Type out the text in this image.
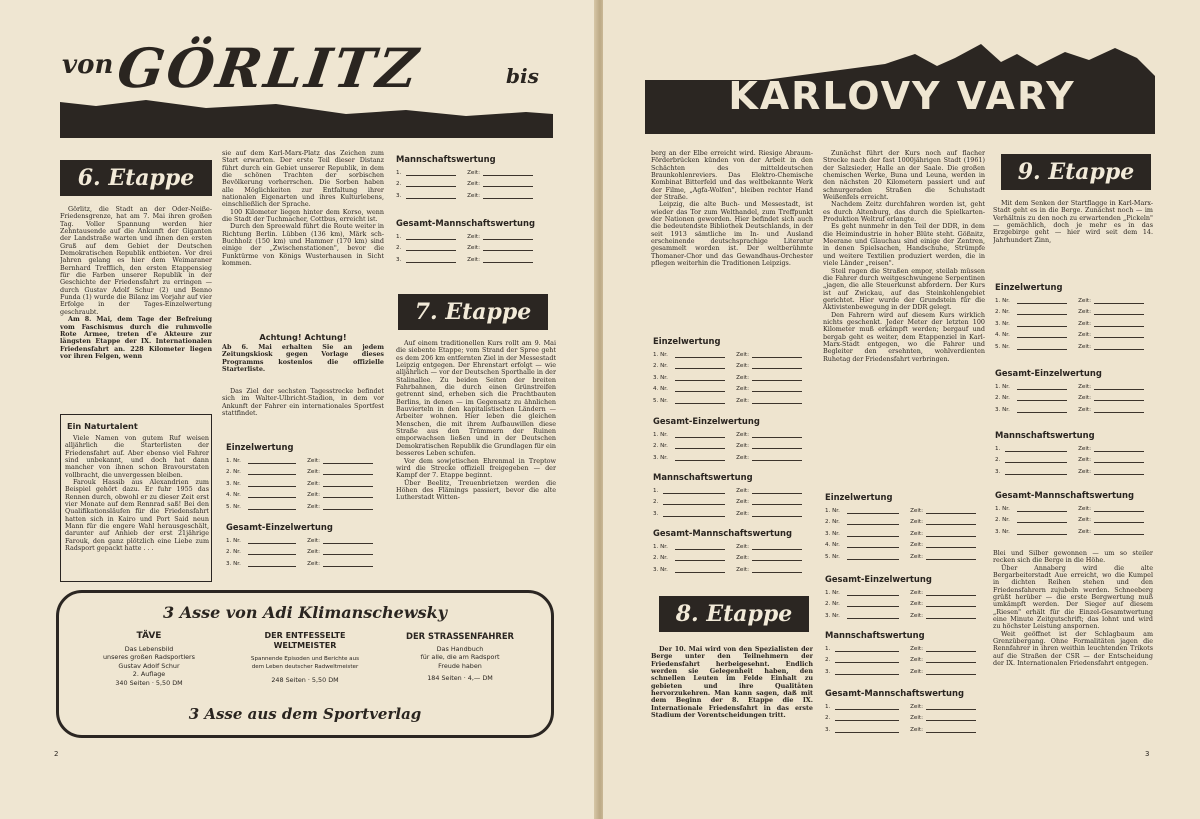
von GÖRLITZ	bis
6. Etappe

Görlitz, die Stadt an der Oder-Neiße-Friedensgrenze, hat am 7. Mai ihren großen Tag. Voller Spannung werden hier Zehntausende auf die Ankunft der Giganten der Landstraße warten und ihnen den ersten Gruß auf dem Gebiet der Deutschen Demokratischen Republik entbieten. Vor drei Jahren gelang es hier dem Weimaraner Bernhard Trefflich, den ersten Etappensieg für die Farben unserer Republik in der Geschichte der Friedensfahrt zu erringen — durch Gustav Adolf Schur (2) und Benno Funda (1) wurde die Bilanz im Vorjahr auf vier Erfolge in der Tages-Einzelwertung geschraubt.

Am 8. Mai, dem Tage der Befreiung vom Faschismus durch die ruhmvolle Rote Armee, treten d'e Akteure zur längsten Etappe der IX. Internationalen Friedensfahrt an. 228 Kilometer liegen vor ihren Felgen, wenn

Ein Naturtalent

Viele Namen von gutem Ruf weisen alljährlich die Starterlisten der Friedensfahrt auf. Aber ebenso viel Fahrer sind unbekannt, und doch hat dann mancher von ihnen schon Bravourstaten vollbracht, die unvergessen bleiben.

Farouk Hassib aus Alexandrien zum Beispiel gehört dazu. Er fuhr 1955 das Rennen durch, obwohl er zu dieser Zeit erst vier Monate auf dem Rennrad saß! Bei den Qualifikationsläufen für die Friedensfahrt hatten sich in Kairo und Port Said neun Mann für die engere Wahl herausgeschält, darunter auf Anhieb der erst 21jährige Farouk, den ganz plötzlich eine Liebe zum Radsport gepackt hatte . . .

sie auf dem Karl-Marx-Platz das Zeichen zum Start erwarten. Der erste Teil dieser Distanz führt durch ein Gebiet unserer Republik, in dem die schönen Trachten der sorbischen Bevölkerung vorherrschen. Die Sorben haben alle Möglichkeiten zur Entfaltung ihrer nationalen Eigenarten und ihres Kulturlebens, einschließlich der Sprache.

100 Kilometer liegen hinter dem Korso, wenn die Stadt der Tuchmacher, Cottbus, erreicht ist.

Durch den Spreewald führt die Route weiter in Richtung Berlin. Lübben (136 km), Märk sch-Buchholz (150 km) und Hammer (170 km) sind einige der „Zwischenstationen", bevor die Funktürme von Königs Wusterhausen in Sicht kommen.

Achtung! Achtung!
Ab 6. Mai erhalten Sie an jedem Zeitungskiosk gegen Vorlage dieses Programms kostenlos die offizielle Starterliste.

Das Ziel der sechsten Tagesstrecke befindet sich im Walter-Ulbricht-Stadion, in dem vor Ankunft der Fahrer ein internationales Sportfest stattfindet.

Einzelwertung
1. Nr.	Zeit:
2. Nr.	Zeit:
3. Nr.	Zeit:
4. Nr.	Zeit:
5. Nr.	Zeit:
Gesamt-Einzelwertung
1. Nr.	Zeit:
2. Nr.	Zeit:
3. Nr.	Zeit:
Mannschaftswertung
1.	Zeit:
2.	Zeit:
3.	Zeit:
Gesamt-Mannschaftswertung
1.	Zeit:
2.	Zeit:
3.	Zeit:
7. Etappe

Auf einem traditionellen Kurs rollt am 9. Mai die siebente Etappe; vom Strand der Spree geht es dem 206 km entfernten Ziel in der Messestadt Leipzig entgegen. Der Ehrenstart erfolgt — wie alljährlich — vor der Deutschen Sporthalle in der Stalinallee. Zu beiden Seiten der breiten Fahrbahnen, die durch einen Grünstreifen getrennt sind, erheben sich die Prachtbauten Berlins, in denen — im Gegensatz zu ähnlichen Bauvierteln in den kapitalistischen Ländern — Arbeiter wohnen. Hier leben die gleichen Menschen, die mit ihrem Aufbauwillen diese Straße aus den Trümmern der Ruinen emporwachsen ließen und in der Deutschen Demokratischen Republik die Grundlagen für ein besseres Leben schufen.

Vor dem sowjetischen Ehrenmal in Treptow wird die Strecke offiziell freigegeben — der Kampf der 7. Etappe beginnt.

Über Beelitz, Treuenbrietzen werden die Höhen des Flämings passiert, bevor die alte Lutherstadt Witten-

3 Asse von Adi Klimanschewsky
TÄVE
Das Lebensbild
unseres großen Radsportlers
Gustav Adolf Schur
2. Auflage
340 Seiten · 5,50 DM
DER ENTFESSELTE WELTMEISTER
Spannende Episoden und Berichte aus
dem Leben deutscher Radweltmeister
248 Seiten · 5,50 DM
DER STRASSENFAHRER
Das Handbuch
für alle, die am Radsport
Freude haben
184 Seiten · 4,— DM
3 Asse aus dem Sportverlag
2
KARLOVY VARY

berg an der Elbe erreicht wird. Riesige Abraum-Förderbrücken künden von der Arbeit in den Schächten des mitteldeutschen Braunkohlenreviers. Das Elektro-Chemische Kombinat Bitterfeld und das weltbekannte Werk der Filme, „Agfa-Wolfen", bleiben rechter Hand der Straße.

Leipzig, die alte Buch- und Messestadt, ist wieder das Tor zum Welthandel, zum Treffpunkt der Nationen geworden. Hier befindet sich auch die bedeutendste Bibliothek Deutschlands, in der seit 1913 sämtliche im In- und Ausland erscheinende deutschsprachige Literatur gesammelt worden ist. Der weltberühmte Thomaner-Chor und das Gewandhaus-Orchester pflegen weiterhin die Traditionen Leipzigs.

Einzelwertung
1. Nr.	Zeit:
2. Nr.	Zeit:
3. Nr.	Zeit:
4. Nr.	Zeit:
5. Nr.	Zeit:
Gesamt-Einzelwertung
1. Nr.	Zeit:
2. Nr.	Zeit:
3. Nr.	Zeit:
Mannschaftswertung
1.	Zeit:
2.	Zeit:
3.	Zeit:
Gesamt-Mannschaftswertung
1. Nr.	Zeit:
2. Nr.	Zeit:
3. Nr.	Zeit:
8. Etappe

Der 10. Mai wird von den Spezialisten der Berge unter den Teilnehmern der Friedensfahrt herbeigesehnt. Endlich werden sie Gelegenheit haben, den schnellen Leuten im Felde Einhalt zu gebieten und ihre Qualitäten hervorzukehren. Man kann sagen, daß mit dem Beginn der 8. Etappe die IX. Internationale Friedensfahrt in das erste Stadium der Vorentscheidungen tritt.

Zunächst führt der Kurs noch auf flacher Strecke nach der fast 1000jährigen Stadt (1961) der Salzsieder, Halle an der Saale. Die großen chemischen Werke, Buna und Leuna, werden in den nächsten 20 Kilometern passiert und auf schnurgeraden Straßen die Schuhstadt Weißenfels erreicht.

Nachdem Zeitz durchfahren worden ist, geht es durch Altenburg, das durch die Spielkarten-Produktion Weltruf erlangte.

Es geht nunmehr in den Teil der DDR, in dem die Heimindustrie in hoher Blüte steht. Gößnitz, Meerane und Glauchau sind einige der Zentren, in denen Spielsachen, Handschuhe, Strümpfe und weitere Textilien produziert werden, die in viele Länder „reisen".

Steil ragen die Straßen empor, steilab müssen die Fahrer durch weitgeschwungene Serpentinen „jagen, die alle Steuerkunst abfordern. Der Kurs ist auf Zwickau, auf das Steinkohlengebiet gerichtet. Hier wurde der Grundstein für die Aktivistenbewegung in der DDR gelegt.

Den Fahrern wird auf diesem Kurs wirklich nichts geschenkt. Jeder Meter der letzten 100 Kilometer muß erkämpft werden; bergauf und bergab geht es weiter, dem Etappenziel in Karl-Marx-Stadt entgegen, wo die Fahrer und Begleiter den ersehnten, wohlverdienten Ruhetag der Friedensfahrt verbringen.

Einzelwertung
1. Nr.	Zeit:
2. Nr.	Zeit:
3. Nr.	Zeit:
4. Nr.	Zeit:
5. Nr.	Zeit:
Gesamt-Einzelwertung
1. Nr.	Zeit:
2. Nr.	Zeit:
3. Nr.	Zeit:
Mannschaftswertung
1.	Zeit:
2.	Zeit:
3.	Zeit:
Gesamt-Mannschaftswertung
1.	Zeit:
2.	Zeit:
3.	Zeit:
9. Etappe

Mit dem Senken der Startflagge in Karl-Marx-Stadt geht es in die Berge. Zunächst noch — im Verhältnis zu den noch zu erwartenden „Pickeln" — gemächlich, doch je mehr es in das Erzgebirge geht — hier wird seit dem 14. Jahrhundert Zinn,

Einzelwertung
1. Nr.	Zeit:
2. Nr.	Zeit:
3. Nr.	Zeit:
4. Nr.	Zeit:
5. Nr.	Zeit:
Gesamt-Einzelwertung
1. Nr.	Zeit:
2. Nr.	Zeit:
3. Nr.	Zeit:
Mannschaftswertung
1.	Zeit:
2.	Zeit:
3.	Zeit:
Gesamt-Mannschaftswertung
1. Nr.	Zeit:
2. Nr.	Zeit:
3. Nr.	Zeit:

Blei und Silber gewonnen — um so steiler recken sich die Berge in die Höhe.

Über Annaberg wird die alte Bergarbeiterstadt Aue erreicht, wo die Kumpel in dichten Reihen stehen und den Friedensfahrern zujubeln werden. Schneeberg grüßt herüber — die erste Bergwertung muß umkämpft werden. Der Sieger auf diesem „Riesen" erhält für die Einzel-Gesamtwertung eine Minute Zeitgutschrift; das lohnt und wird zu höchster Leistung anspornen.

Weit geöffnet ist der Schlagbaum am Grenzübergang. Ohne Formalitäten jagen die Rennfahrer in ihren weithin leuchtenden Trikots auf die Straßen der CSR — der Entscheidung der IX. Internationalen Friedensfahrt entgegen.

3
